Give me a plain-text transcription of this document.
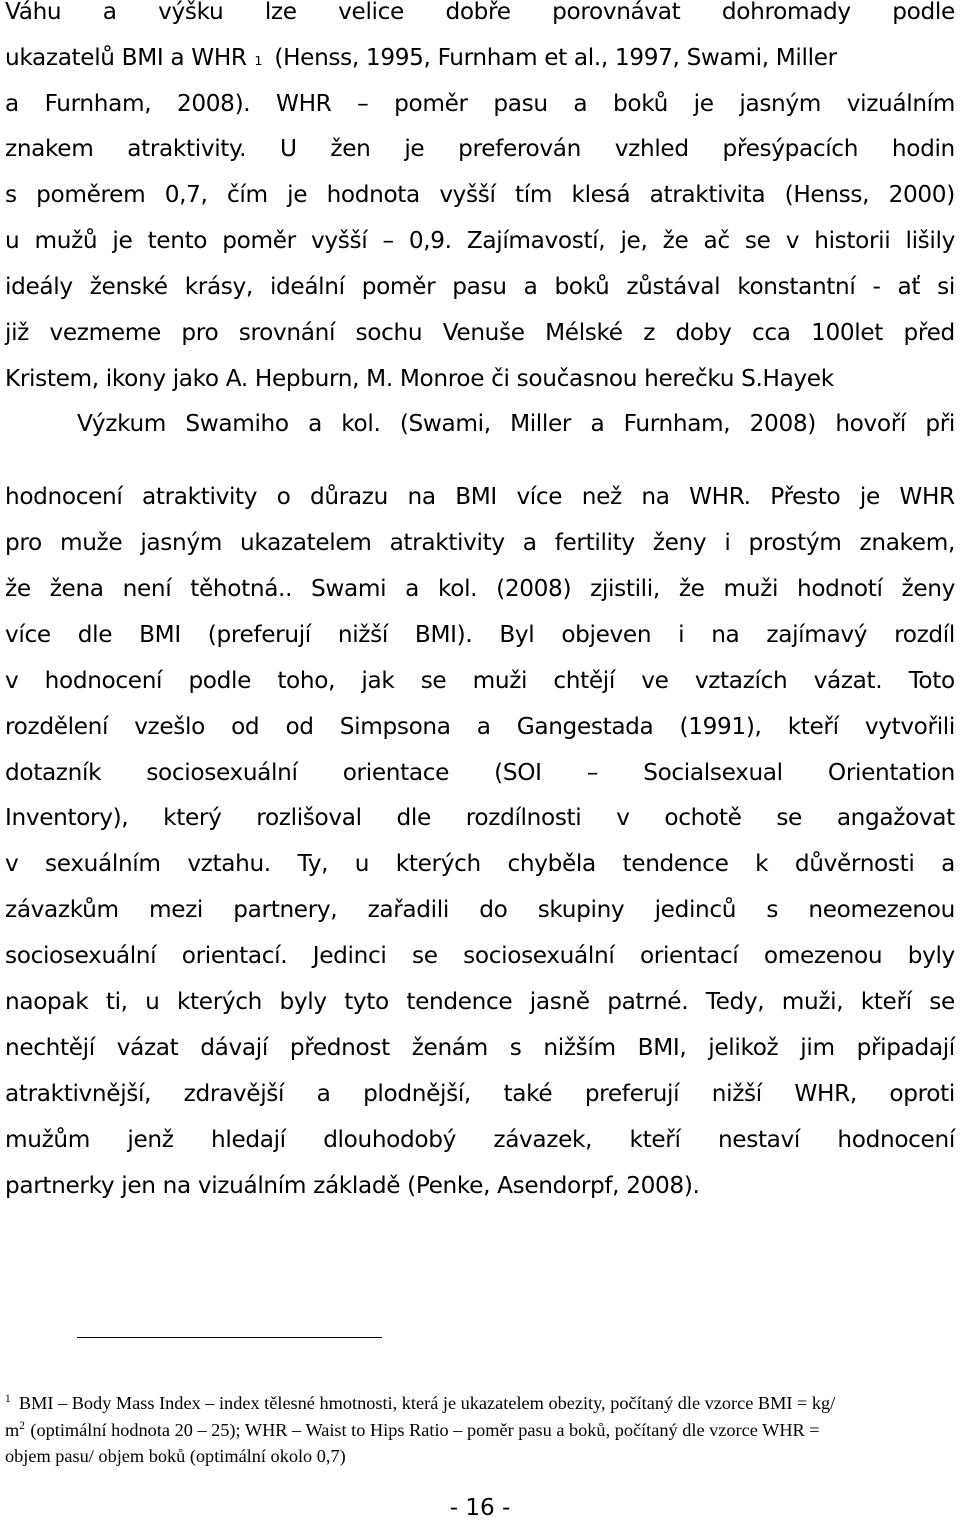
Váhu a výšku lze velice dobře porovnávat dohromady podle
ukazatelů BMI a WHR 1 (Henss, 1995, Furnham et al., 1997, Swami, Miller
a Furnham, 2008). WHR – poměr pasu a boků je jasným vizuálním
znakem atraktivity. U žen je preferován vzhled přesýpacích hodin
s poměrem 0,7, čím je hodnota vyšší tím klesá atraktivita (Henss, 2000)
u mužů je tento poměr vyšší – 0,9. Zajímavostí, je, že ač se v historii lišily
ideály ženské krásy, ideální poměr pasu a boků zůstával konstantní - ať si
již vezmeme pro srovnání sochu Venuše Mélské z doby cca 100let před
Kristem, ikony jako A. Hepburn, M. Monroe či současnou herečku S.Hayek
Výzkum Swamiho a kol. (Swami, Miller a Furnham, 2008) hovoří při
hodnocení atraktivity o důrazu na BMI více než na WHR. Přesto je WHR
pro muže jasným ukazatelem atraktivity a fertility ženy i prostým znakem,
že žena není těhotná.. Swami a kol. (2008) zjistili, že muži hodnotí ženy
více dle BMI (preferují nižší BMI). Byl objeven i na zajímavý rozdíl
v hodnocení podle toho, jak se muži chtějí ve vztazích vázat. Toto
rozdělení vzešlo od od Simpsona a Gangestada (1991), kteří vytvořili
dotazník sociosexuální orientace (SOI – Socialsexual Orientation
Inventory), který rozlišoval dle rozdílnosti v ochotě se angažovat
v sexuálním vztahu. Ty, u kterých chyběla tendence k důvěrnosti a
závazkům mezi partnery, zařadili do skupiny jedinců s neomezenou
sociosexuální orientací. Jedinci se sociosexuální orientací omezenou byly
naopak ti, u kterých byly tyto tendence jasně patrné. Tedy, muži, kteří se
nechtějí vázat dávají přednost ženám s nižším BMI, jelikož jim připadají
atraktivnější, zdravější a plodnější, také preferují nižší WHR, oproti
mužům jenž hledají dlouhodobý závazek, kteří nestaví hodnocení
partnerky jen na vizuálním základě (Penke, Asendorpf, 2008).
$^1$ BMI – Body Mass Index – index tělesné hmotnosti, která je ukazatelem obezity, počítaný dle vzorce BMI = kg/
$m^2$ (optimální hodnota 20 – 25); WHR – Waist to Hips Ratio – poměr pasu a boků, počítaný dle vzorce WHR =
objem pasu/ objem boků (optimální okolo 0,7)
- 16 -
